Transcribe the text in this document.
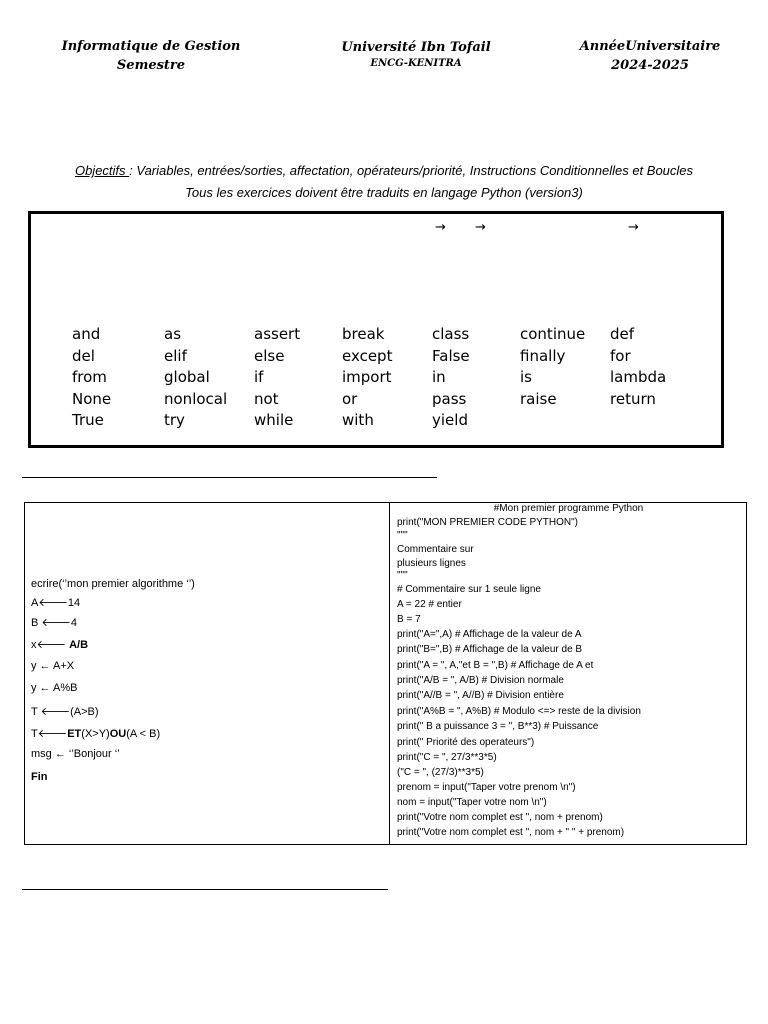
Informatique de Gestion
Semestre
Université Ibn Tofail
ENCG-KENITRA
AnnéeUniversitaire
2024-2025
Objectifs : Variables, entrées/sorties, affectation, opérateurs/priorité, Instructions Conditionnelles et Boucles
Tous les exercices doivent être traduits en langage Python (version3)
→ →	→
and
del
from
None
True
as
elif
global
nonlocal
try
assert
else
if
not
while
break
except
import
or
with
class
False
in
pass
yield
continue
finally
is
raise
def
for
lambda
return
ecrire(‘’mon premier algorithme ‘’)
A🡐14
B 🡐4
x🡐 A/B
y ← A+X
y ← A%B
T 🡐(A>B)
T🡐ET(X>Y)OU(A < B)
msg ← ‘’Bonjour ‘’
Fin
#Mon premier programme Python
print("MON PREMIER CODE PYTHON")
"""
Commentaire sur
plusieurs lignes
"""
# Commentaire sur 1 seule ligne
A = 22 # entier
B = 7
print("A=",A) # Affichage de la valeur de A
print("B=",B) # Affichage de la valeur de B
print("A = ", A,"et B = ",B) # Affichage de A et
print("A/B = ", A/B) # Division normale
print("A//B = ", A//B) # Division entière
print("A%B = ", A%B) # Modulo <=> reste de la division
print(" B a puissance 3 = ", B**3) # Puissance
print(" Priorité des operateurs")
print("C = ", 27/3**3*5)
("C = ", (27/3)**3*5)
prenom = input("Taper votre prenom \n")
nom = input("Taper votre nom \n")
print("Votre nom complet est ", nom + prenom)
print("Votre nom complet est ", nom + " " + prenom)
